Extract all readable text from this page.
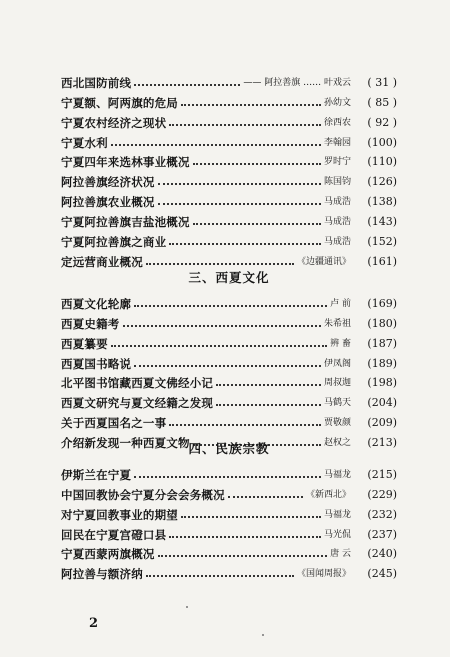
西北国防前线	—— 阿拉善旗 …… 叶戏云	( 31 )
宁夏额、阿两旗的危局	孙幼文	( 85 )
宁夏农村经济之现状	徐西农	( 92 )
宁夏水利	李翰园	(100)
宁夏四年来选林事业概况	罗时宁	(110)
阿拉善旗经济状况	陈国钧	(126)
阿拉善旗农业概况	马成浩	(138)
宁夏阿拉善旗吉盐池概况	马成浩	(143)
宁夏阿拉善旗之商业	马成浩	(152)
定远营商业概况	《边疆通讯》	(161)
三、西夏文化
西夏文化轮廓	卢 前	(169)
西夏史籍考	朱希祖	(180)
西夏纂要	辨 畜	(187)
西夏国书略说	伊凤阁	(189)
北平图书馆藏西夏文佛经小记	周叔迦	(198)
西夏文研究与夏文经籍之发现	马鹤天	(204)
关于西夏国名之一事	贾敬颜	(209)
介绍新发现一种西夏文物	赵权之	(213)
四、民族宗教
伊斯兰在宁夏	马福龙	(215)
中国回教协会宁夏分会会务概况	《新西北》	(229)
对宁夏回教事业的期望	马福龙	(232)
回民在宁夏宫磴口县	马光侃	(237)
宁夏西蒙两旗概况	唐 云	(240)
阿拉善与额济纳	《国闻周报》	(245)
2
